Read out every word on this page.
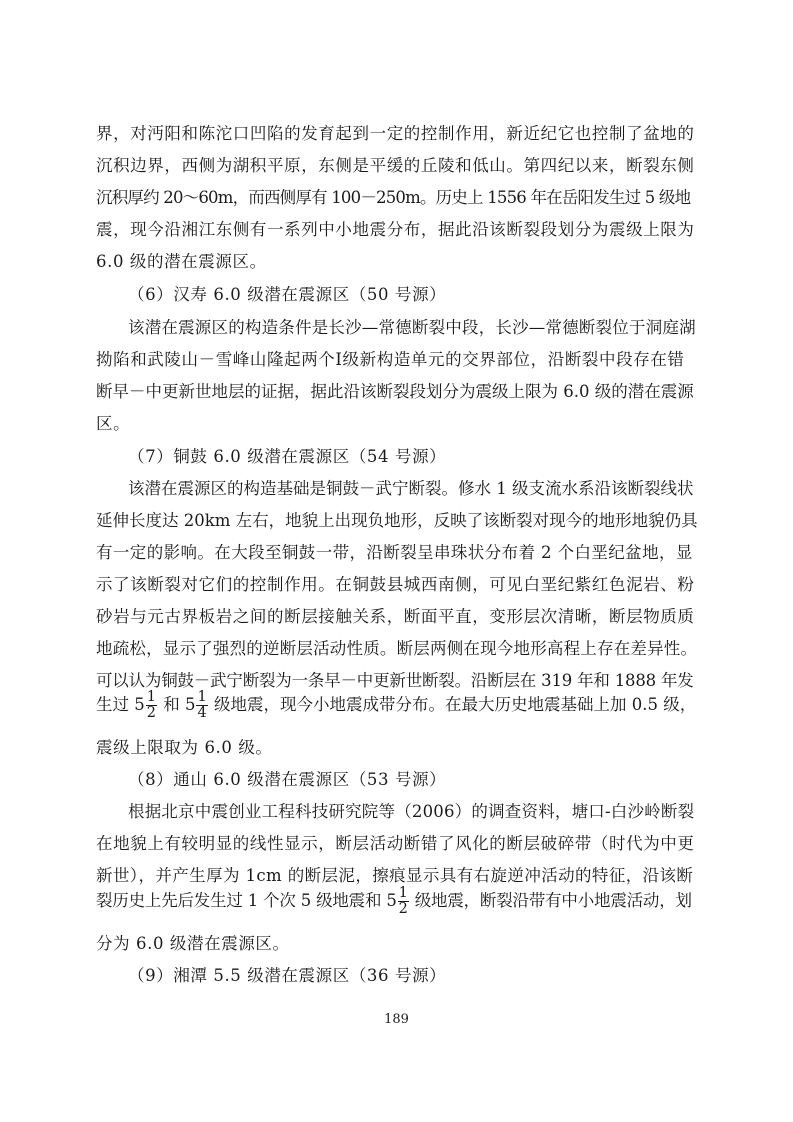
界，对沔阳和陈沱口凹陷的发育起到一定的控制作用，新近纪它也控制了盆地的
沉积边界，西侧为湖积平原，东侧是平缓的丘陵和低山。第四纪以来，断裂东侧
沉积厚约 20～60m，而西侧厚有 100－250m。历史上 1556 年在岳阳发生过 5 级地
震，现今沿湘江东侧有一系列中小地震分布，据此沿该断裂段划分为震级上限为
6.0 级的潜在震源区。
（6）汉寿 6.0 级潜在震源区（50 号源）
该潜在震源区的构造条件是长沙—常德断裂中段，长沙—常德断裂位于洞庭湖
拗陷和武陵山－雪峰山隆起两个Ⅰ级新构造单元的交界部位，沿断裂中段存在错
断早－中更新世地层的证据，据此沿该断裂段划分为震级上限为 6.0 级的潜在震源
区。
（7）铜鼓 6.0 级潜在震源区（54 号源）
该潜在震源区的构造基础是铜鼓－武宁断裂。修水 1 级支流水系沿该断裂线状
延伸长度达 20km 左右，地貌上出现负地形，反映了该断裂对现今的地形地貌仍具
有一定的影响。在大段至铜鼓一带，沿断裂呈串珠状分布着 2 个白垩纪盆地，显
示了该断裂对它们的控制作用。在铜鼓县城西南侧，可见白垩纪紫红色泥岩、粉
砂岩与元古界板岩之间的断层接触关系，断面平直，变形层次清晰，断层物质质
地疏松，显示了强烈的逆断层活动性质。断层两侧在现今地形高程上存在差异性。
可以认为铜鼓－武宁断裂为一条早－中更新世断裂。沿断层在 319 年和 1888 年发
生过 $5 \frac{1}{2}$ 和 $5 \frac{1}{4}$ 级地震，现今小地震成带分布。在最大历史地震基础上加 0.5 级，
震级上限取为 6.0 级。
（8）通山 6.0 级潜在震源区（53 号源）
根据北京中震创业工程科技研究院等（2006）的调查资料，塘口-白沙岭断裂
在地貌上有较明显的线性显示，断层活动断错了风化的断层破碎带（时代为中更
新世），并产生厚为 1cm 的断层泥，擦痕显示具有右旋逆冲活动的特征，沿该断
裂历史上先后发生过 1 个次 5 级地震和 $5 \frac{1}{2}$ 级地震，断裂沿带有中小地震活动，划
分为 6.0 级潜在震源区。
（9）湘潭 5.5 级潜在震源区（36 号源）
189
